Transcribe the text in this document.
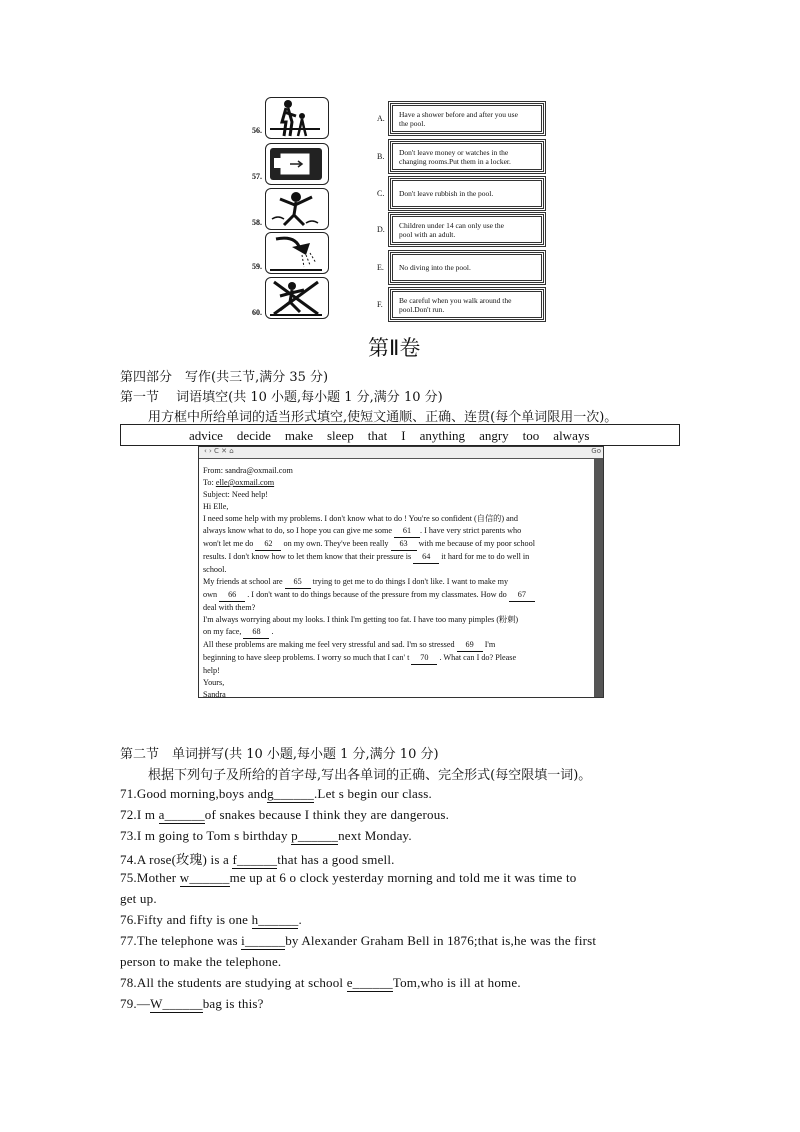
56.
57.
58.
59.
60.
A. Have a shower before and after you use
the pool.
B. Don't leave money or watches in the
changing rooms.Put them in a locker.
C. Don't leave rubbish in the pool.
D. Children under 14 can only use the
pool with an adult.
E. No diving into the pool.
F. Be careful when you walk around the
pool.Don't run.
第Ⅱ卷
第四部分　写作(共三节,满分 35 分)
第一节　 词语填空(共 10 小题,每小题 1 分,满分 10 分)
用方框中所给单词的适当形式填空,使短文通顺、正确、连贯(每个单词限用一次)。
advice decide make sleep that I anything angry too always
‹ › C ✕ ⌂	Go
From: sandra@oxmail.com
To: elle@oxmail.com
Subject: Need help!
Hi Elle,
I need some help with my problems. I don't know what to do ! You're so confident (自信的) and
always know what to do, so I hope you can give me some 61 . I have very strict parents who
won't let me do 62 on my own. They've been really 63 with me because of my poor school
results. I don't know how to let them know that their pressure is 64 it hard for me to do well in
school.
My friends at school are 65 trying to get me to do things I don't like. I want to make my
own 66 . I don't want to do things because of the pressure from my classmates. How do 67
deal with them?
I'm always worrying about my looks. I think I'm getting too fat. I have too many pimples (粉刺)
on my face, 68 .
All these problems are making me feel very stressful and sad. I'm so stressed 69 I'm
beginning to have sleep problems. I worry so much that I can' t 70 . What can I do? Please
help!
Yours,
Sandra
第二节　单词拼写(共 10 小题,每小题 1 分,满分 10 分)
根据下列句子及所给的首字母,写出各单词的正确、完全形式(每空限填一词)。
71.Good morning,boys andg______.Let s begin our class.
72.I m a______of snakes because I think they are dangerous.
73.I m going to Tom s birthday p______next Monday.
74.A rose(玫瑰) is a f______that has a good smell.
75.Mother w______me up at 6 o clock yesterday morning and told me it was time to
get up.
76.Fifty and fifty is one h______.
77.The telephone was i______by Alexander Graham Bell in 1876;that is,he was the first
person to make the telephone.
78.All the students are studying at school e______Tom,who is ill at home.
79.—W______bag is this?
